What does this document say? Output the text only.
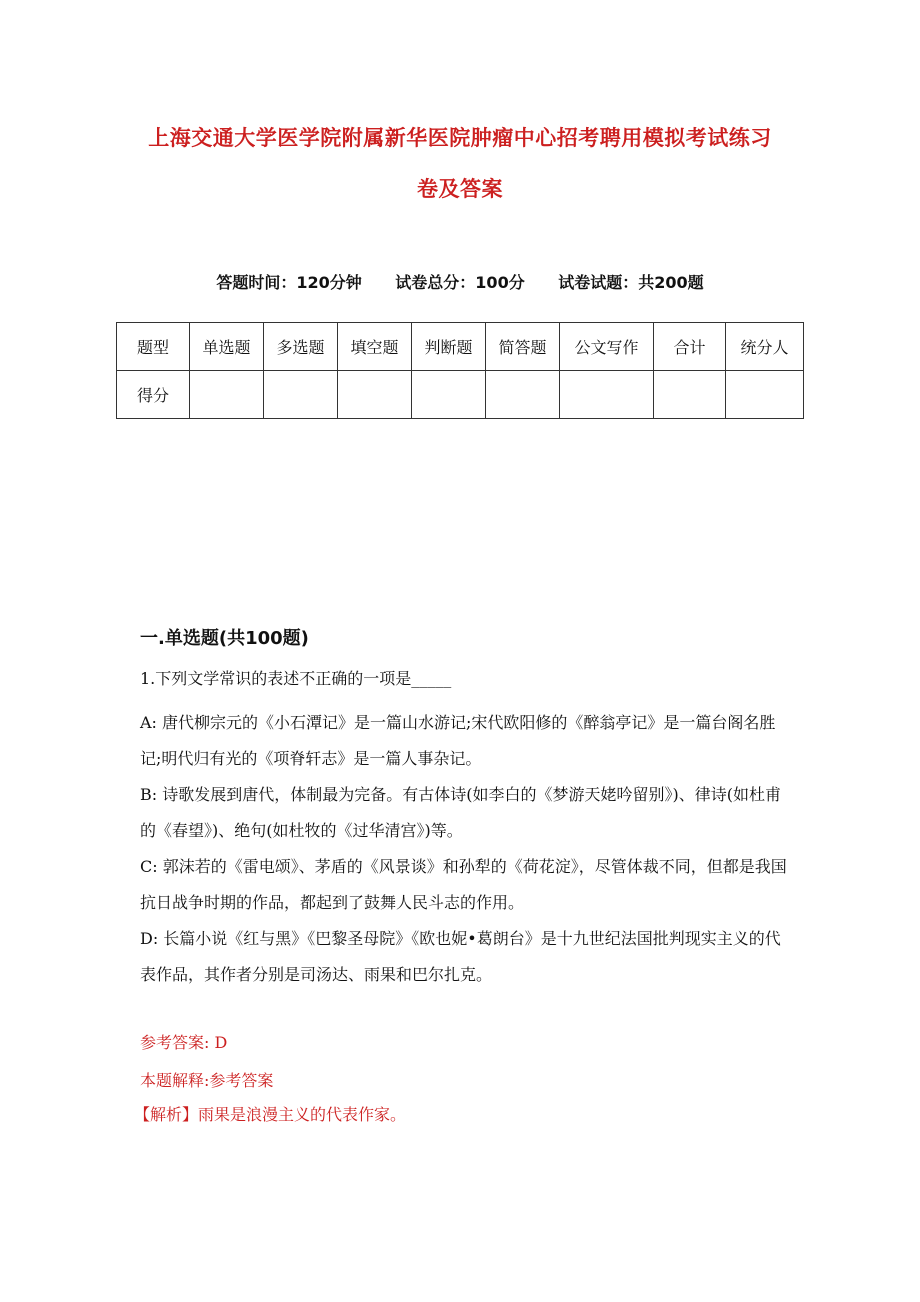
上海交通大学医学院附属新华医院肿瘤中心招考聘用模拟考试练习
卷及答案
答题时间：120分钟 试卷总分：100分 试卷试题：共200题
题型	单选题	多选题	填空题	判断题	简答题	公文写作	合计	统分人
得分								
一.单选题(共100题)
1.下列文学常识的表述不正确的一项是_____
A: 唐代柳宗元的《小石潭记》是一篇山水游记;宋代欧阳修的《醉翁亭记》是一篇台阁名胜记;明代归有光的《项脊轩志》是一篇人事杂记。
B: 诗歌发展到唐代，体制最为完备。有古体诗(如李白的《梦游天姥吟留别》)、律诗(如杜甫的《春望》)、绝句(如杜牧的《过华清宫》)等。
C: 郭沫若的《雷电颂》、茅盾的《风景谈》和孙犁的《荷花淀》，尽管体裁不同，但都是我国抗日战争时期的作品，都起到了鼓舞人民斗志的作用。
D: 长篇小说《红与黑》《巴黎圣母院》《欧也妮•葛朗台》是十九世纪法国批判现实主义的代表作品，其作者分别是司汤达、雨果和巴尔扎克。
参考答案: D
本题解释:参考答案
【解析】雨果是浪漫主义的代表作家。
